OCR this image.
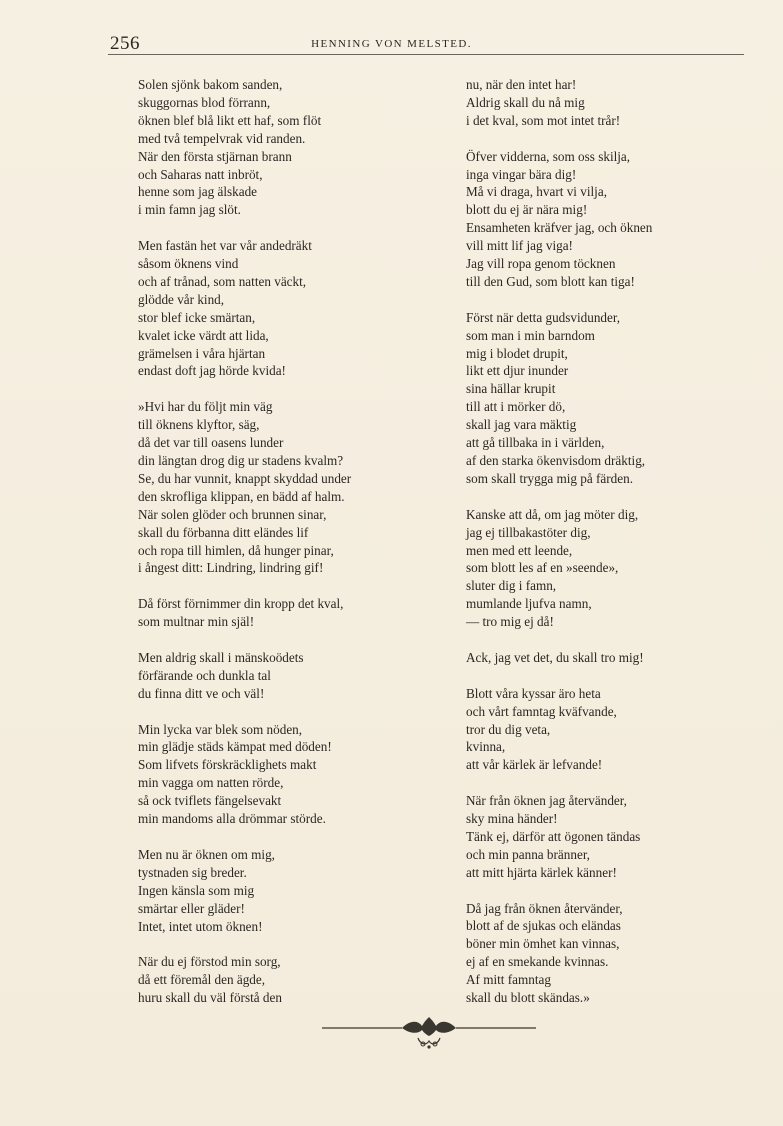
256	HENNING VON MELSTED.
Solen sjönk bakom sanden,
skuggornas blod förrann,
öknen blef blå likt ett haf, som flöt
med två tempelvrak vid randen.
När den första stjärnan brann
och Saharas natt inbröt,
henne som jag älskade
i min famn jag slöt.
Men fastän het var vår andedräkt
såsom öknens vind
och af trånad, som natten väckt,
glödde vår kind,
stor blef icke smärtan,
kvalet icke värdt att lida,
grämelsen i våra hjärtan
endast doft jag hörde kvida!
»Hvi har du följt min väg
till öknens klyftor, säg,
då det var till oasens lunder
din längtan drog dig ur stadens kvalm?
Se, du har vunnit, knappt skyddad under
den skrofliga klippan, en bädd af halm.
När solen glöder och brunnen sinar,
skall du förbanna ditt eländes lif
och ropa till himlen, då hunger pinar,
i ångest ditt: Lindring, lindring gif!
Då först förnimmer din kropp det kval,
som multnar min själ!
Men aldrig skall i mänskoödets
förfärande och dunkla tal
du finna ditt ve och väl!
Min lycka var blek som nöden,
min glädje städs kämpat med döden!
Som lifvets förskräcklighets makt
min vagga om natten rörde,
så ock tviflets fängelsevakt
min mandoms alla drömmar störde.
Men nu är öknen om mig,
tystnaden sig breder.
Ingen känsla som mig
smärtar eller gläder!
Intet, intet utom öknen!
När du ej förstod min sorg,
då ett föremål den ägde,
huru skall du väl förstå den
nu, när den intet har!
Aldrig skall du nå mig
i det kval, som mot intet trår!
Öfver vidderna, som oss skilja,
inga vingar bära dig!
Må vi draga, hvart vi vilja,
blott du ej är nära mig!
Ensamheten kräfver jag, och öknen
vill mitt lif jag viga!
Jag vill ropa genom töcknen
till den Gud, som blott kan tiga!
Först när detta gudsvidunder,
som man i min barndom
mig i blodet drupit,
likt ett djur inunder
sina hällar krupit
till att i mörker dö,
skall jag vara mäktig
att gå tillbaka in i världen,
af den starka ökenvisdom dräktig,
som skall trygga mig på färden.
Kanske att då, om jag möter dig,
jag ej tillbakastöter dig,
men med ett leende,
som blott les af en »seende»,
sluter dig i famn,
mumlande ljufva namn,
— tro mig ej då!
Ack, jag vet det, du skall tro mig!
Blott våra kyssar äro heta
och vårt famntag kväfvande,
tror du dig veta,
kvinna,
att vår kärlek är lefvande!
När från öknen jag återvänder,
sky mina händer!
Tänk ej, därför att ögonen tändas
och min panna bränner,
att mitt hjärta kärlek känner!
Då jag från öknen återvänder,
blott af de sjukas och eländas
böner min ömhet kan vinnas,
ej af en smekande kvinnas.
Af mitt famntag
skall du blott skändas.»
